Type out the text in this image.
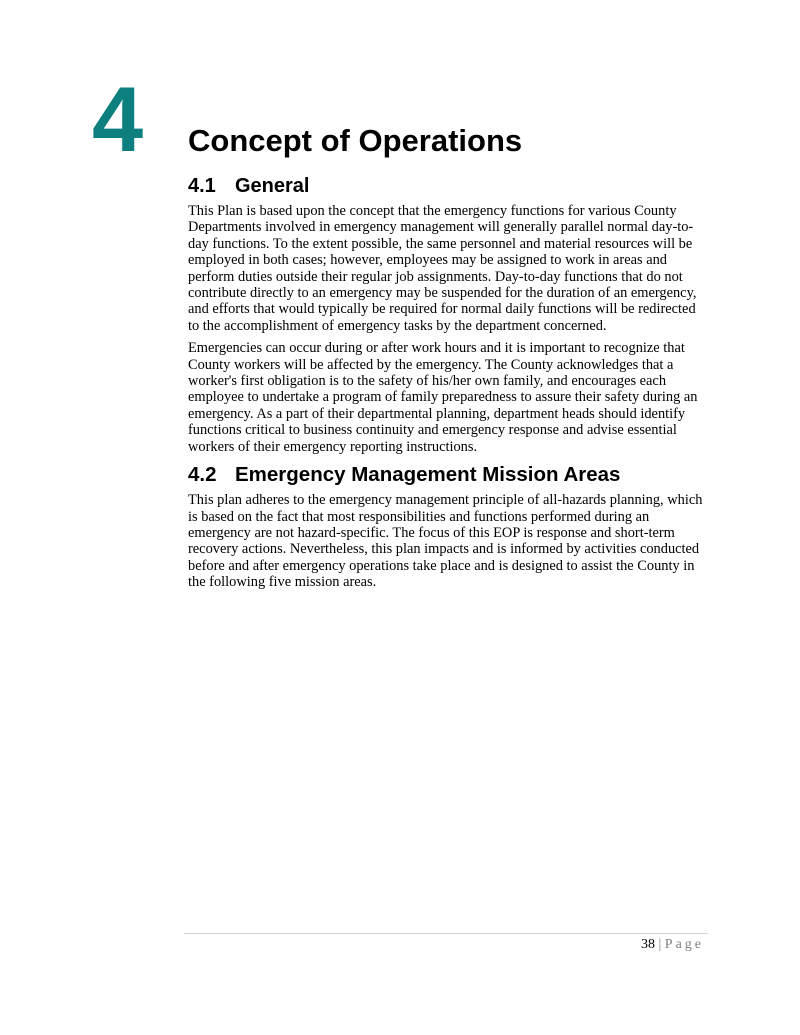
4 Concept of Operations
4.1 General

This Plan is based upon the concept that the emergency functions for various County Departments involved in emergency management will generally parallel normal day-to-day functions. To the extent possible, the same personnel and material resources will be employed in both cases; however, employees may be assigned to work in areas and perform duties outside their regular job assignments. Day-to-day functions that do not contribute directly to an emergency may be suspended for the duration of an emergency, and efforts that would typically be required for normal daily functions will be redirected to the accomplishment of emergency tasks by the department concerned.

Emergencies can occur during or after work hours and it is important to recognize that County workers will be affected by the emergency. The County acknowledges that a worker's first obligation is to the safety of his/her own family, and encourages each employee to undertake a program of family preparedness to assure their safety during an emergency. As a part of their departmental planning, department heads should identify functions critical to business continuity and emergency response and advise essential workers of their emergency reporting instructions.

4.2 Emergency Management Mission Areas

This plan adheres to the emergency management principle of all-hazards planning, which is based on the fact that most responsibilities and functions performed during an emergency are not hazard-specific. The focus of this EOP is response and short-term recovery actions. Nevertheless, this plan impacts and is informed by activities conducted before and after emergency operations take place and is designed to assist the County in the following five mission areas.

38 | Page
